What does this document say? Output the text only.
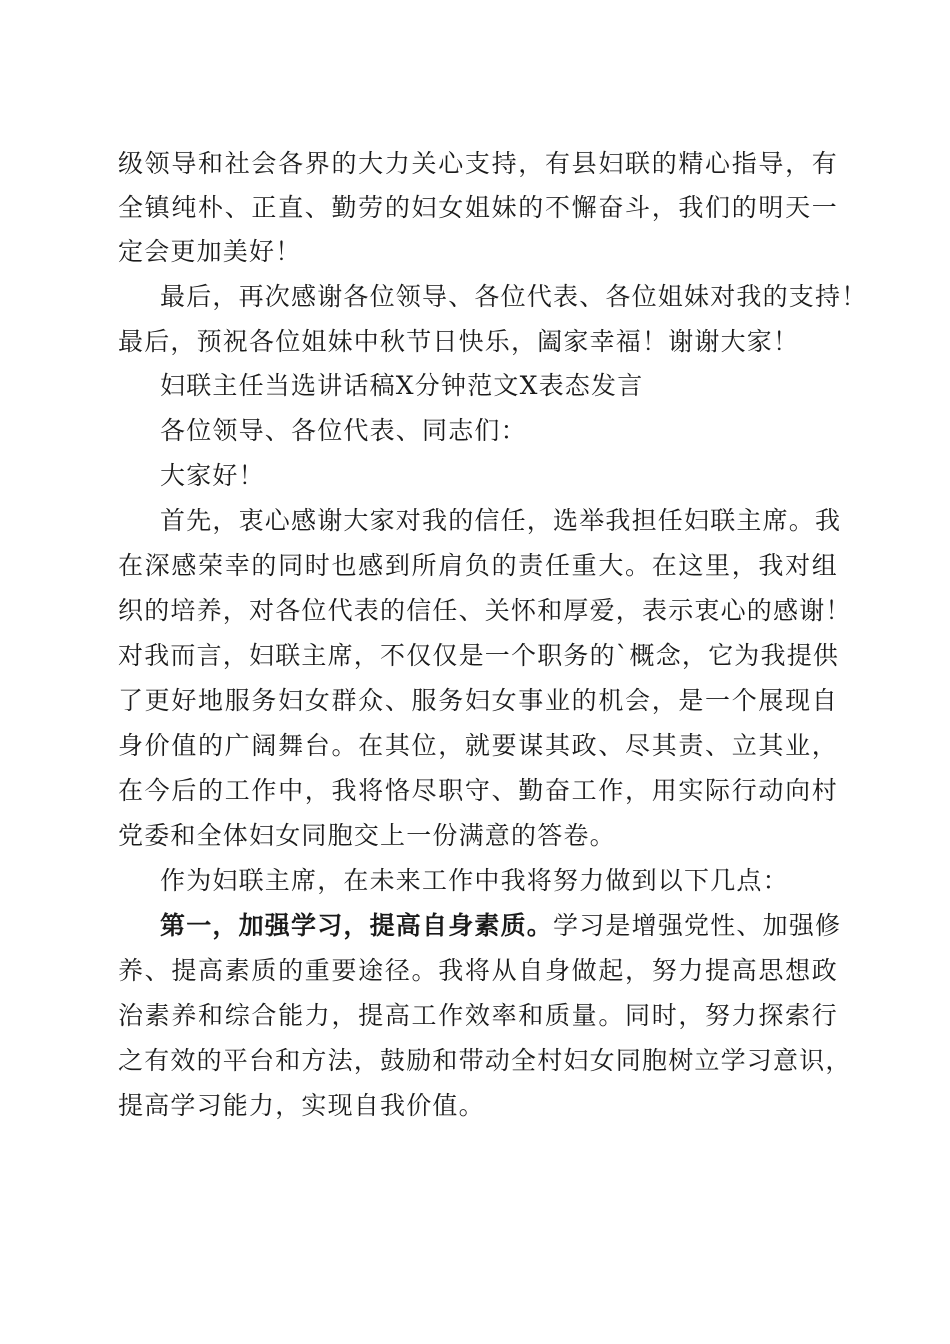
级领导和社会各界的大力关心支持，有县妇联的精心指导，有
全镇纯朴、正直、勤劳的妇女姐妹的不懈奋斗，我们的明天一
定会更加美好！
最后，再次感谢各位领导、各位代表、各位姐妹对我的支持！
最后，预祝各位姐妹中秋节日快乐，阖家幸福！谢谢大家！
妇联主任当选讲话稿X分钟范文X表态发言
各位领导、各位代表、同志们：
大家好！
首先，衷心感谢大家对我的信任，选举我担任妇联主席。我
在深感荣幸的同时也感到所肩负的责任重大。在这里，我对组
织的培养，对各位代表的信任、关怀和厚爱，表示衷心的感谢！
对我而言，妇联主席，不仅仅是一个职务的`概念，它为我提供
了更好地服务妇女群众、服务妇女事业的机会，是一个展现自
身价值的广阔舞台。在其位，就要谋其政、尽其责、立其业，
在今后的工作中，我将恪尽职守、勤奋工作，用实际行动向村
党委和全体妇女同胞交上一份满意的答卷。
作为妇联主席，在未来工作中我将努力做到以下几点：
第一，加强学习，提高自身素质。学习是增强党性、加强修
养、提高素质的重要途径。我将从自身做起，努力提高思想政
治素养和综合能力，提高工作效率和质量。同时，努力探索行
之有效的平台和方法，鼓励和带动全村妇女同胞树立学习意识，
提高学习能力，实现自我价值。
